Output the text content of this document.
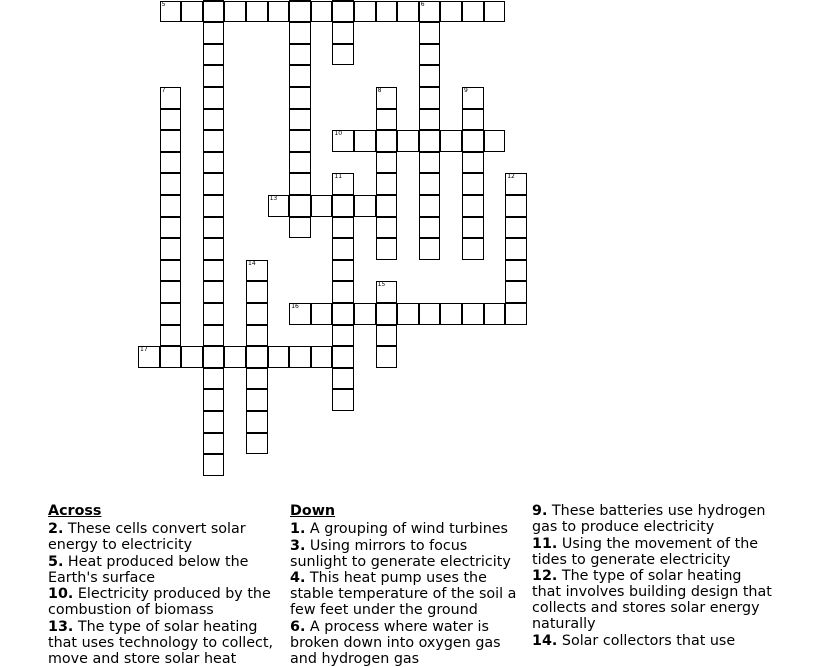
5	6
7	8	9
10
11	12
13
14
15
16
17
Across
2. These cells convert solar energy to electricity
5. Heat produced below the Earth's surface
10. Electricity produced by the combustion of biomass
13. The type of solar heating that uses technology to collect, move and store solar heat
Down
1. A grouping of wind turbines
3. Using mirrors to focus sunlight to generate electricity
4. This heat pump uses the stable temperature of the soil a few feet under the ground
6. A process where water is broken down into oxygen gas and hydrogen gas
9. These batteries use hydrogen gas to produce electricity
11. Using the movement of the tides to generate electricity
12. The type of solar heating that involves building design that collects and stores solar energy naturally
14. Solar collectors that use
